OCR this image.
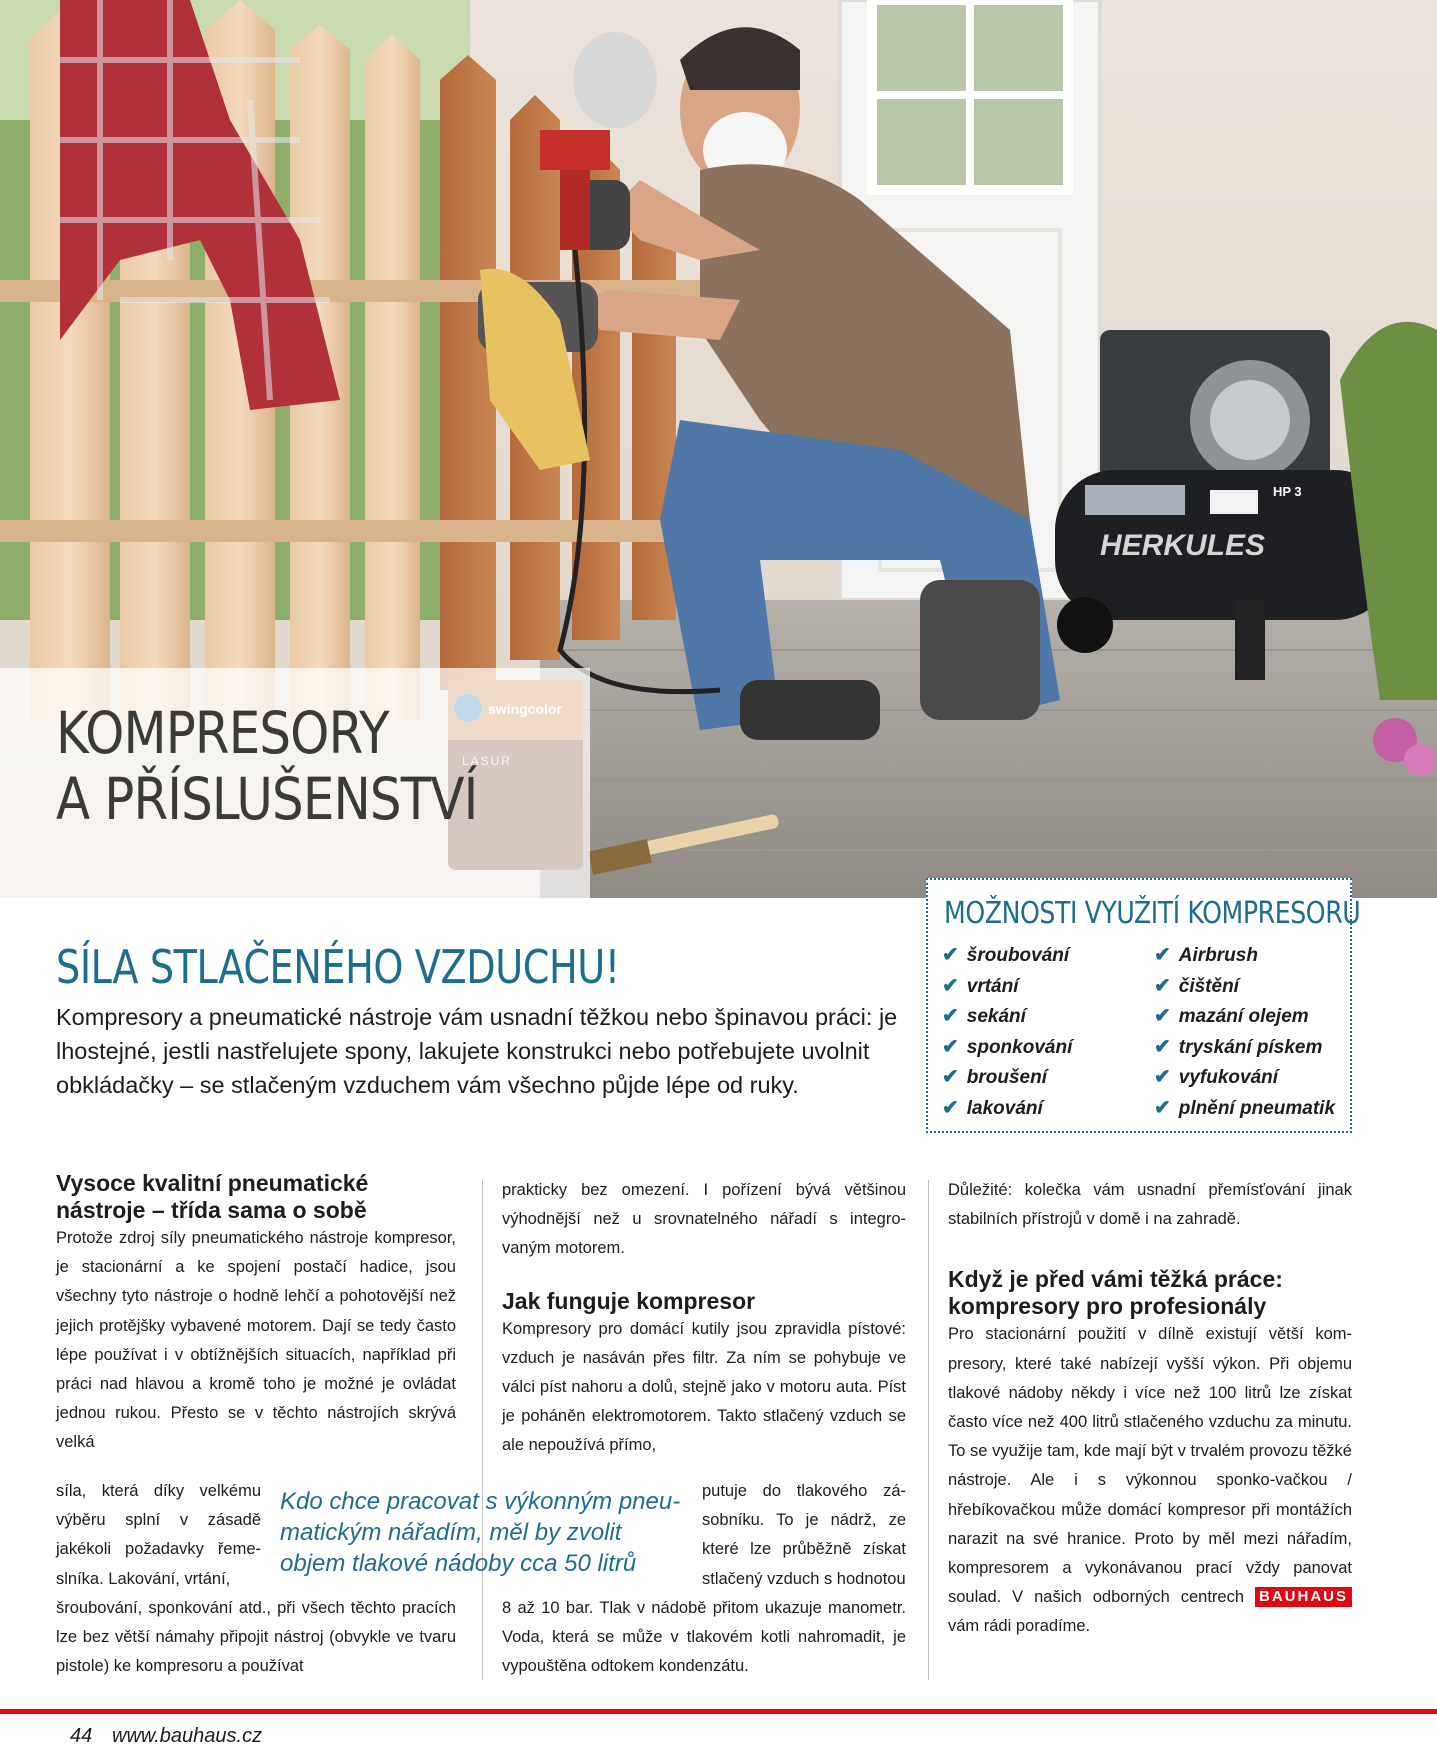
HERKULES
HP 3
KOMPRESORY
A PŘÍSLUŠENSTVÍ
MOŽNOSTI VYUŽITÍ KOMPRESORU
✔ šroubování
✔ vrtání
✔ sekání
✔ sponkování
✔ broušení
✔ lakování
✔ Airbrush
✔ čištění
✔ mazání olejem
✔ tryskání pískem
✔ vyfukování
✔ plnění pneumatik
SÍLA STLAČENÉHO VZDUCHU!

Kompresory a pneumatické nástroje vám usnadní těžkou nebo špinavou práci: je lhostejné, jestli nastřelujete spony, lakujete konstrukci nebo potřebujete uvolnit obkládačky – se stlačeným vzduchem vám všechno půjde lépe od ruky.

Vysoce kvalitní pneumatické nástroje – třída sama o sobě

Protože zdroj síly pneumatického nástroje kompresor, je stacionární a ke spojení postačí hadice, jsou všechny tyto nástroje o hodně lehčí a pohotovější než jejich protějšky vybavené motorem. Dají se tedy často lépe používat i v obtížnějších situacích, například při práci nad hlavou a kromě toho je možné je ovládat jednou rukou. Přesto se v těchto nástrojích skrývá velká

síla, která díky velkému výběru splní v zásadě jakékoli požadavky řeme-slníka. Lakování, vrtání,

šroubování, sponkování atd., při všech těchto pracích lze bez větší námahy připojit nástroj (obvykle ve tvaru pistole) ke kompresoru a používat

prakticky bez omezení. I pořízení bývá většinou výhodnější než u srovnatelného nářadí s integro-vaným motorem.

Jak funguje kompresor

Kompresory pro domácí kutily jsou zpravidla pístové: vzduch je nasáván přes filtr. Za ním se pohybuje ve válci píst nahoru a dolů, stejně jako v motoru auta. Píst je poháněn elektromotorem. Takto stlačený vzduch se ale nepoužívá přímo,

putuje do tlakového zá-sobníku. To je nádrž, ze které lze průběžně získat stlačený vzduch s hodnotou

8 až 10 bar. Tlak v nádobě přitom ukazuje manometr. Voda, která se může v tlakovém kotli nahromadit, je vypouštěna odtokem kondenzátu.

Kdo chce pracovat s výkonným pneu-matickým nářadím, měl by zvolit objem tlakové nádoby cca 50 litrů

Důležité: kolečka vám usnadní přemísťování jinak stabilních přístrojů v domě i na zahradě.

Když je před vámi těžká práce: kompresory pro profesionály

Pro stacionární použití v dílně existují větší kom-presory, které také nabízejí vyšší výkon. Při objemu tlakové nádoby někdy i více než 100 litrů lze získat často více než 400 litrů stlačeného vzduchu za minutu. To se využije tam, kde mají být v trvalém provozu těžké nástroje. Ale i s výkonnou sponko-vačkou / hřebíkovačkou může domácí kompresor při montážích narazit na své hranice. Proto by měl mezi nářadím, kompresorem a vykonávanou prací vždy panovat soulad. V našich odborných centrech BAUHAUS vám rádi poradíme.

44 www.bauhaus.cz
